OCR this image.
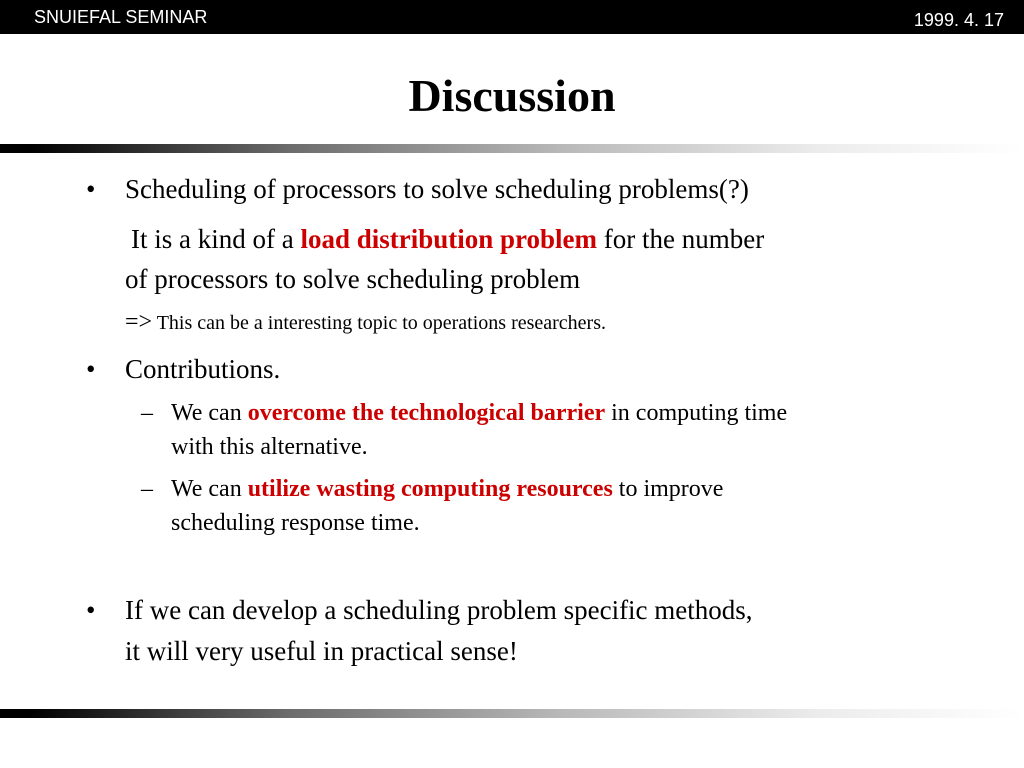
SNUIEFAL SEMINAR	1999. 4. 17
Discussion
• Scheduling of processors to solve scheduling problems(?)
It is a kind of a load distribution problem for the number
of processors to solve scheduling problem
=> This can be a interesting topic to operations researchers.
• Contributions.
– We can overcome the technological barrier in computing time
with this alternative.
– We can utilize wasting computing resources to improve
scheduling response time.
• If we can develop a scheduling problem specific methods,
it will very useful in practical sense!
